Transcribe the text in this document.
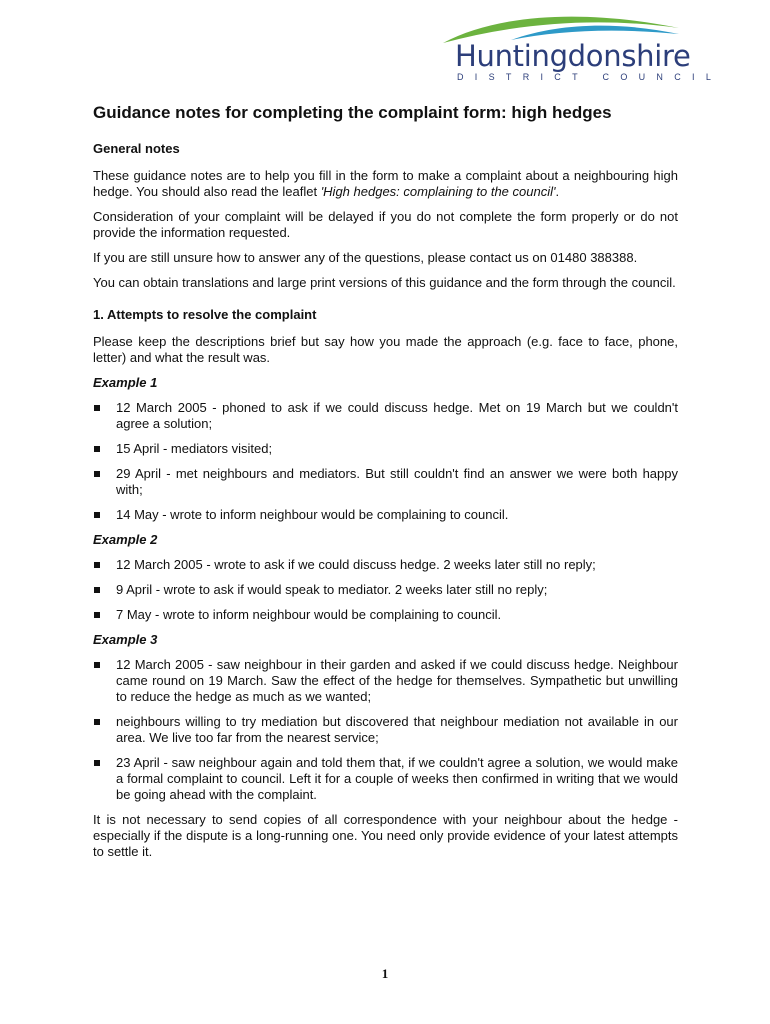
Huntingdonshire
DISTRICT COUNCIL
Guidance notes for completing the complaint form: high hedges
General notes

These guidance notes are to help you fill in the form to make a complaint about a neighbouring high hedge. You should also read the leaflet 'High hedges: complaining to the council'.

Consideration of your complaint will be delayed if you do not complete the form properly or do not provide the information requested.

If you are still unsure how to answer any of the questions, please contact us on 01480 388388.

You can obtain translations and large print versions of this guidance and the form through the council.

1. Attempts to resolve the complaint

Please keep the descriptions brief but say how you made the approach (e.g. face to face, phone, letter) and what the result was.

Example 1
12 March 2005 - phoned to ask if we could discuss hedge. Met on 19 March but we couldn't agree a solution;
15 April - mediators visited;
29 April - met neighbours and mediators. But still couldn't find an answer we were both happy with;
14 May - wrote to inform neighbour would be complaining to council.
Example 2
12 March 2005 - wrote to ask if we could discuss hedge. 2 weeks later still no reply;
9 April - wrote to ask if would speak to mediator. 2 weeks later still no reply;
7 May - wrote to inform neighbour would be complaining to council.
Example 3
12 March 2005 - saw neighbour in their garden and asked if we could discuss hedge. Neighbour came round on 19 March. Saw the effect of the hedge for themselves. Sympathetic but unwilling to reduce the hedge as much as we wanted;
neighbours willing to try mediation but discovered that neighbour mediation not available in our area. We live too far from the nearest service;
23 April - saw neighbour again and told them that, if we couldn't agree a solution, we would make a formal complaint to council. Left it for a couple of weeks then confirmed in writing that we would be going ahead with the complaint.

It is not necessary to send copies of all correspondence with your neighbour about the hedge - especially if the dispute is a long-running one. You need only provide evidence of your latest attempts to settle it.

1
